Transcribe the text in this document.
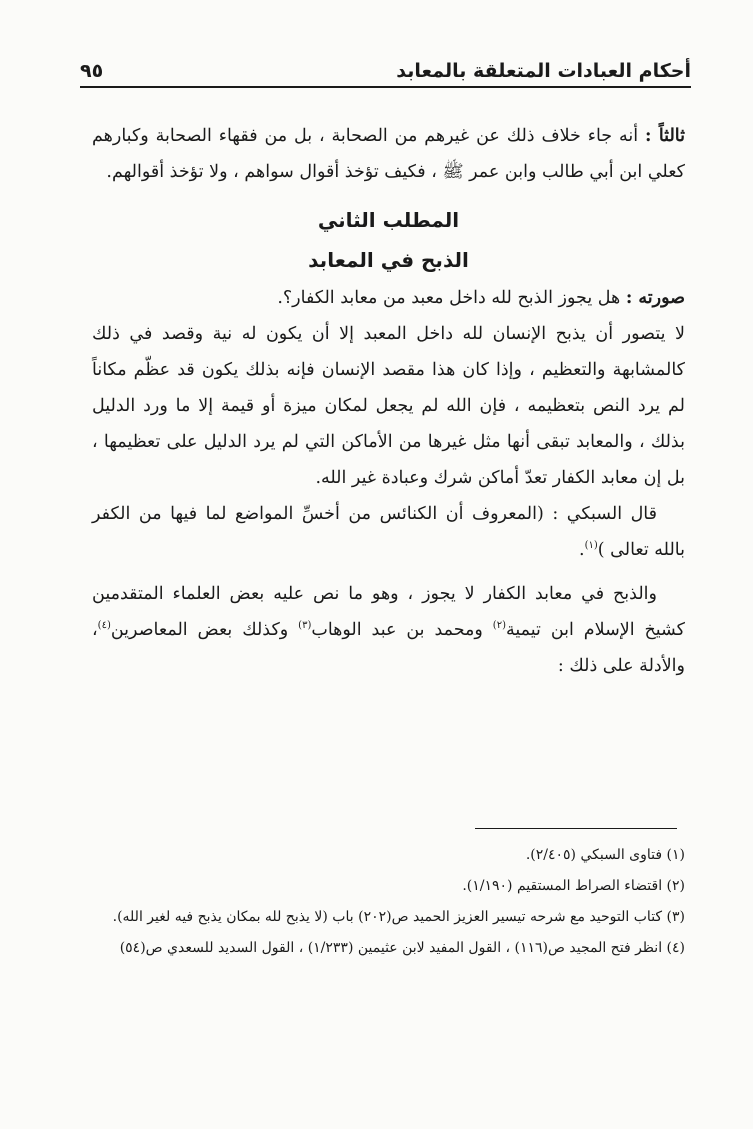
أحكام العبادات المتعلقة بالمعابد
٩٥

ثالثاً : أنه جاء خلاف ذلك عن غيرهم من الصحابة ، بل من فقهاء الصحابة وكبارهم كعلي ابن أبي طالب وابن عمر ﷺ ، فكيف تؤخذ أقوال سواهم ، ولا تؤخذ أقوالهم.

المطلب الثاني
الذبح في المعابد

صورته : هل يجوز الذبح لله داخل معبد من معابد الكفار؟.

لا يتصور أن يذبح الإنسان لله داخل المعبد إلا أن يكون له نية وقصد في ذلك كالمشابهة والتعظيم ، وإذا كان هذا مقصد الإنسان فإنه بذلك يكون قد عظّم مكاناً لم يرد النص بتعظيمه ، فإن الله لم يجعل لمكان ميزة أو قيمة إلا ما ورد الدليل بذلك ، والمعابد تبقى أنها مثل غيرها من الأماكن التي لم يرد الدليل على تعظيمها ، بل إن معابد الكفار تعدّ أماكن شرك وعبادة غير الله.

قال السبكي : (المعروف أن الكنائس من أخسِّ المواضع لما فيها من الكفر بالله تعالى )$^{(١)}$.

والذبح في معابد الكفار لا يجوز ، وهو ما نص عليه بعض العلماء المتقدمين كشيخ الإسلام ابن تيمية$^{(٢)}$ ومحمد بن عبد الوهاب$^{(٣)}$ وكذلك بعض المعاصرين$^{(٤)}$، والأدلة على ذلك :

(١) فتاوى السبكي (٢/٤٠٥).

(٢) اقتضاء الصراط المستقيم (١/١٩٠).

(٣) كتاب التوحيد مع شرحه تيسير العزيز الحميد ص(٢٠٢) باب (لا يذبح لله بمكان يذبح فيه لغير الله).

(٤) انظر فتح المجيد ص(١١٦) ، القول المفيد لابن عثيمين (١/٢٣٣) ، القول السديد للسعدي ص(٥٤)
